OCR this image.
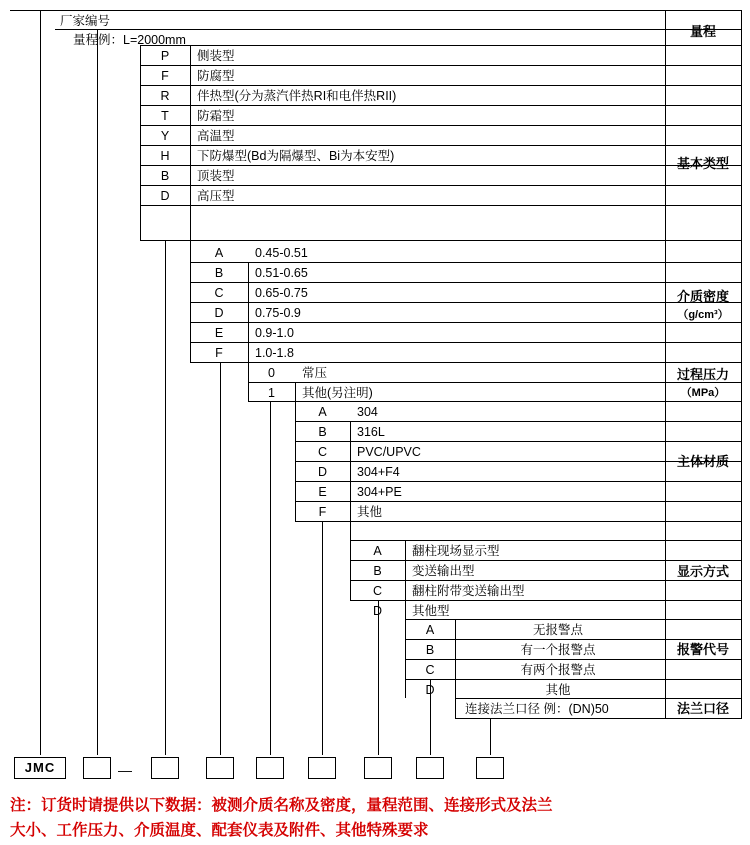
厂家编号
量程例：L=2000mm
量程
基本类型
介质密度
（g/cm³）
过程压力
（MPa）
主体材质
显示方式
报警代号
法兰口径
P	侧装型
F	防腐型
R	伴热型(分为蒸汽伴热RI和电伴热RII)
T	防霜型
Y	高温型
H	下防爆型(Bd为隔爆型、Bi为本安型)
B	顶装型
D	高压型
A	0.45-0.51
B	0.51-0.65
C	0.65-0.75
D	0.75-0.9
E	0.9-1.0
F	1.0-1.8
0	常压
1	其他(另注明)
A	304
B	316L
C	PVC/UPVC
D	304+F4
E	304+PE
F	其他
A	翻柱现场显示型
B	变送输出型
C	翻柱附带变送输出型
D	其他型
A	无报警点
B	有一个报警点
C	有两个报警点
D	其他
连接法兰口径 例：(DN)50
JMC	—
注：订货时请提供以下数据：被测介质名称及密度，量程范围、连接形式及法兰
大小、工作压力、介质温度、配套仪表及附件、其他特殊要求
